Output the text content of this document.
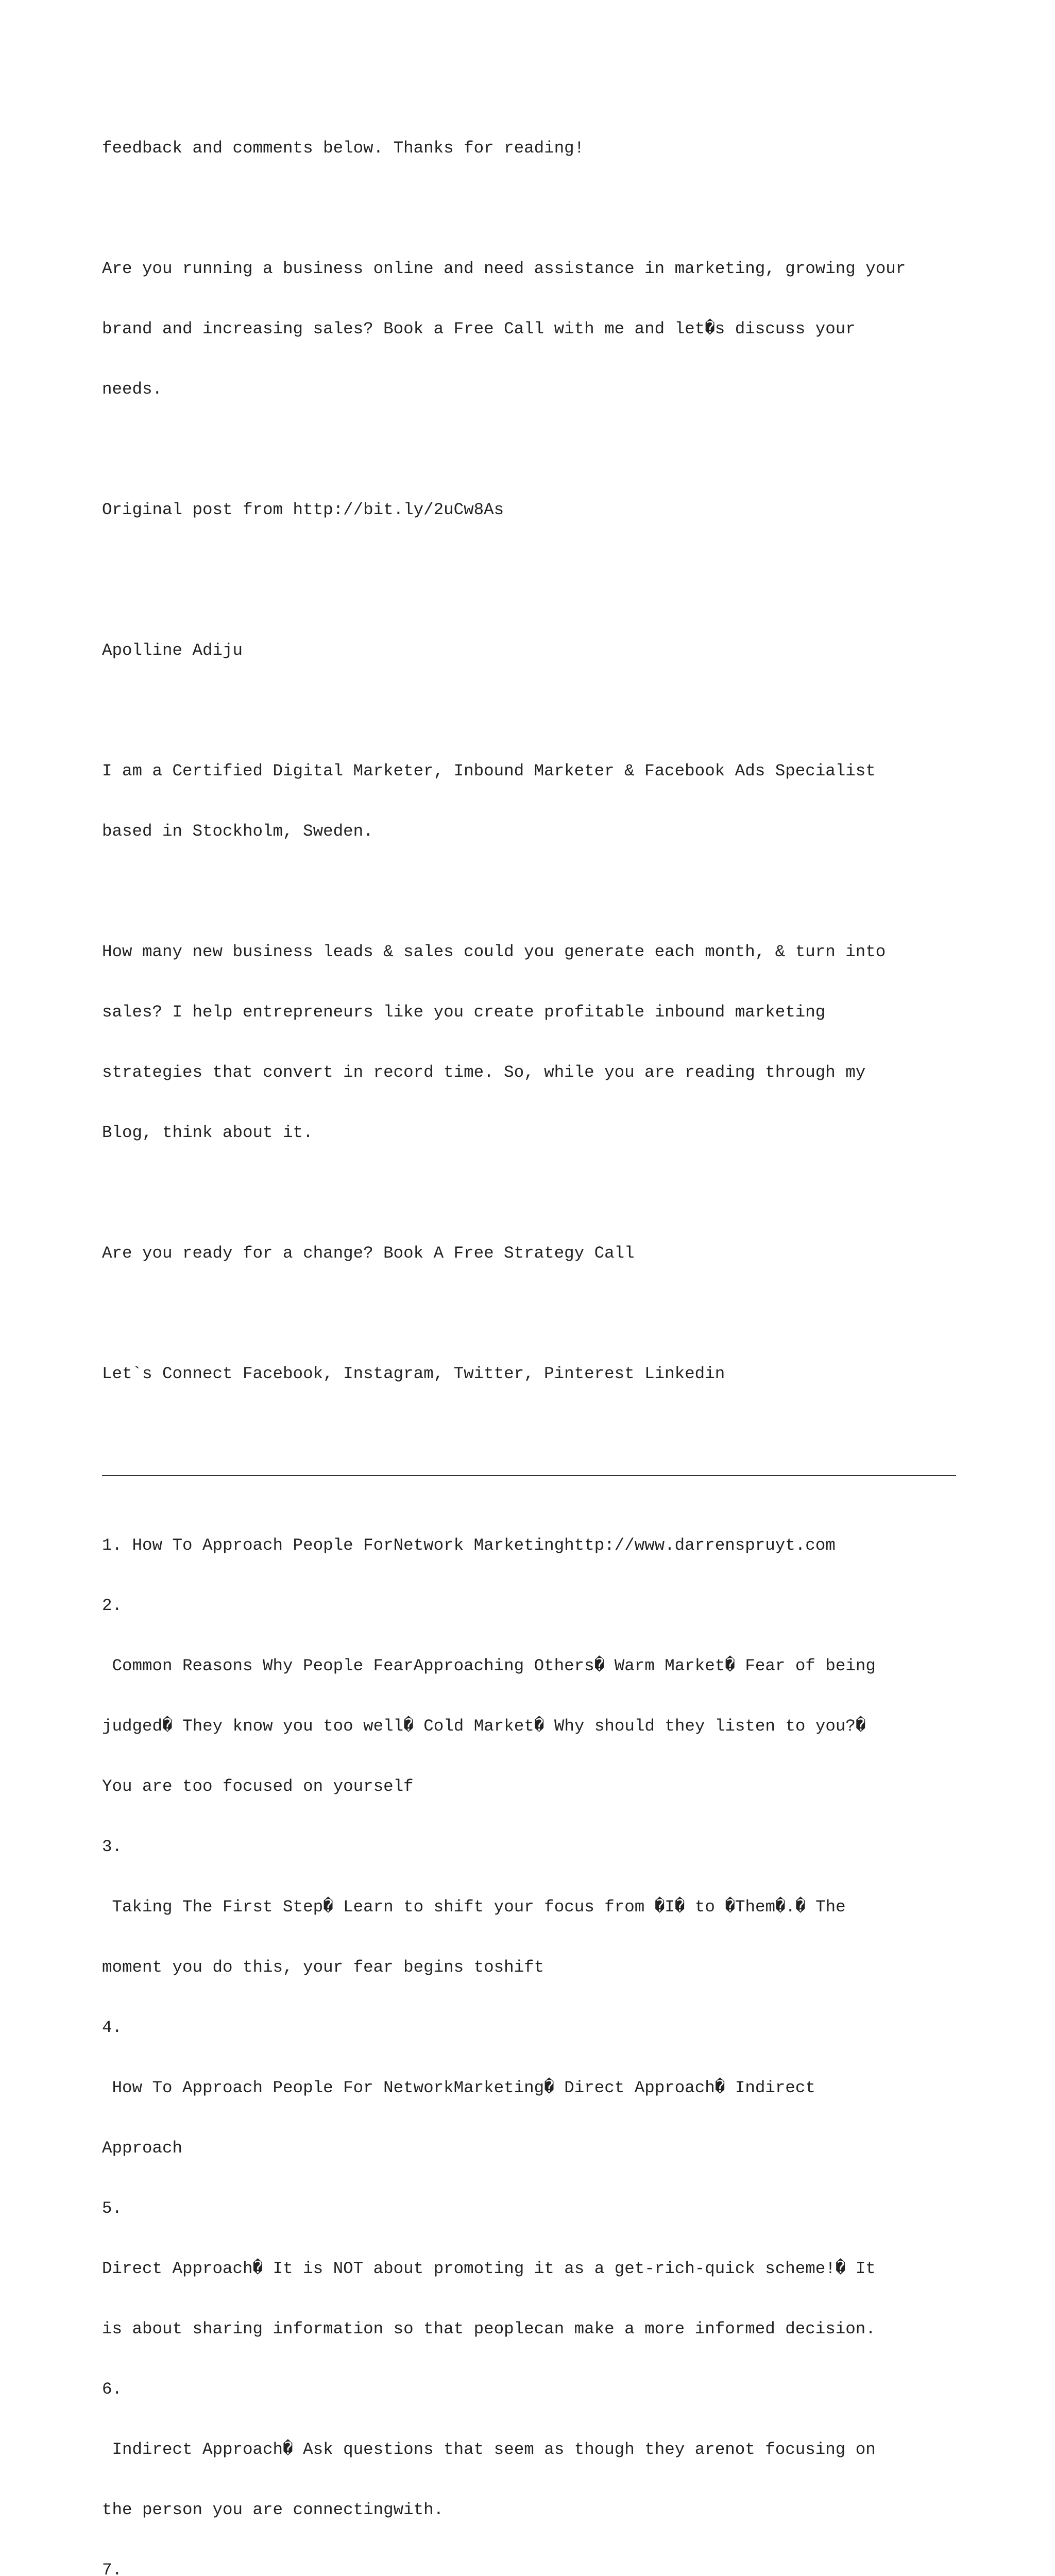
feedback and comments below. Thanks for reading!

Are you running a business online and need assistance in marketing, growing your

brand and increasing sales? Book a Free Call with me and let�s discuss your

needs.

Original post from http://bit.ly/2uCw8As

Apolline Adiju

I am a Certified Digital Marketer, Inbound Marketer & Facebook Ads Specialist

based in Stockholm, Sweden.

How many new business leads & sales could you generate each month, & turn into

sales? I help entrepreneurs like you create profitable inbound marketing

strategies that convert in record time. So, while you are reading through my

Blog, think about it.

Are you ready for a change? Book A Free Strategy Call

Let`s Connect Facebook, Instagram, Twitter, Pinterest Linkedin

1. How To Approach People ForNetwork Marketinghttp://www.darrenspruyt.com

2.

Common Reasons Why People FearApproaching Others� Warm Market� Fear of being

judged� They know you too well� Cold Market� Why should they listen to you?�

You are too focused on yourself

3.

Taking The First Step� Learn to shift your focus from �I� to �Them�.� The

moment you do this, your fear begins toshift

4.

How To Approach People For NetworkMarketing� Direct Approach� Indirect

Approach

5.

Direct Approach� It is NOT about promoting it as a get-rich-quick scheme!� It

is about sharing information so that peoplecan make a more informed decision.

6.

Indirect Approach� Ask questions that seem as though they arenot focusing on

the person you are connectingwith.

7.
